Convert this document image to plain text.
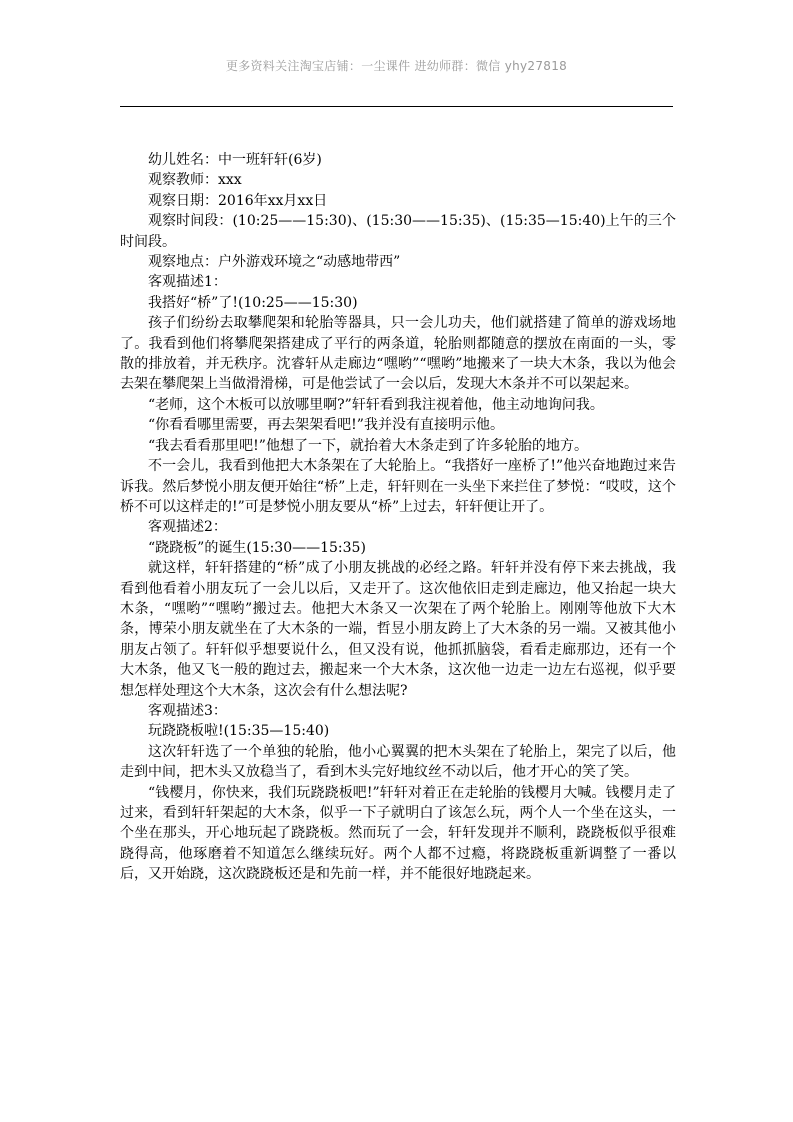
更多资料关注淘宝店铺：一尘课件 进幼师群：微信 yhy27818

幼儿姓名：中一班轩轩(6岁)

观察教师：xxx

观察日期：2016年xx月xx日

观察时间段：(10:25——15:30)、(15:30——15:35)、(15:35—15:40)上午的三个时间段。

观察地点：户外游戏环境之“动感地带西”

客观描述1：

我搭好“桥”了!(10:25——15:30)

孩子们纷纷去取攀爬架和轮胎等器具，只一会儿功夫，他们就搭建了简单的游戏场地了。我看到他们将攀爬架搭建成了平行的两条道，轮胎则都随意的摆放在南面的一头，零散的排放着，并无秩序。沈睿轩从走廊边“嘿哟”“嘿哟”地搬来了一块大木条，我以为他会去架在攀爬架上当做滑滑梯，可是他尝试了一会以后，发现大木条并不可以架起来。

“老师，这个木板可以放哪里啊?”轩轩看到我注视着他，他主动地询问我。

“你看看哪里需要，再去架架看吧!”我并没有直接明示他。

“我去看看那里吧!”他想了一下，就抬着大木条走到了许多轮胎的地方。

不一会儿，我看到他把大木条架在了大轮胎上。“我搭好一座桥了!”他兴奋地跑过来告诉我。然后梦悦小朋友便开始往“桥”上走，轩轩则在一头坐下来拦住了梦悦：“哎哎，这个桥不可以这样走的!”可是梦悦小朋友要从“桥”上过去，轩轩便让开了。

客观描述2：

“跷跷板”的诞生(15:30——15:35)

就这样，轩轩搭建的“桥”成了小朋友挑战的必经之路。轩轩并没有停下来去挑战，我看到他看着小朋友玩了一会儿以后，又走开了。这次他依旧走到走廊边，他又抬起一块大木条，“嘿哟”“嘿哟”搬过去。他把大木条又一次架在了两个轮胎上。刚刚等他放下大木条，博荣小朋友就坐在了大木条的一端，哲昱小朋友跨上了大木条的另一端。又被其他小朋友占领了。轩轩似乎想要说什么，但又没有说，他抓抓脑袋，看看走廊那边，还有一个大木条，他又飞一般的跑过去，搬起来一个大木条，这次他一边走一边左右巡视，似乎要想怎样处理这个大木条，这次会有什么想法呢?

客观描述3：

玩跷跷板啦!(15:35—15:40)

这次轩轩选了一个单独的轮胎，他小心翼翼的把木头架在了轮胎上，架完了以后，他走到中间，把木头又放稳当了，看到木头完好地纹丝不动以后，他才开心的笑了笑。

“钱樱月，你快来，我们玩跷跷板吧!”轩轩对着正在走轮胎的钱樱月大喊。钱樱月走了过来，看到轩轩架起的大木条，似乎一下子就明白了该怎么玩，两个人一个坐在这头，一个坐在那头，开心地玩起了跷跷板。然而玩了一会，轩轩发现并不顺利，跷跷板似乎很难跷得高，他琢磨着不知道怎么继续玩好。两个人都不过瘾，将跷跷板重新调整了一番以后，又开始跷，这次跷跷板还是和先前一样，并不能很好地跷起来。
